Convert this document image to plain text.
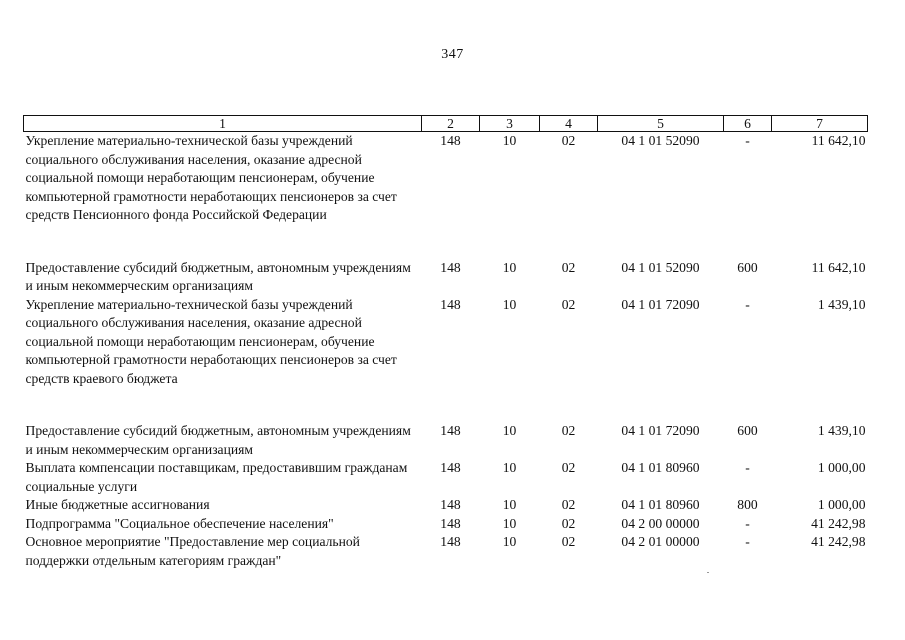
347
1	2	3	4	5	6	7
Укрепление материально-технической базы учреждений социального обслуживания населения, оказание адресной социальной помощи неработающим пенсионерам, обучение компьютерной грамотности неработающих пенсионеров за счет средств Пенсионного фонда Российской Федерации	148	10	02	04 1 01 52090	-	11 642,10
Предоставление субсидий бюджетным, автономным учреждениям и иным некоммерческим организациям	148	10	02	04 1 01 52090	600	11 642,10
Укрепление материально-технической базы учреждений социального обслуживания населения, оказание адресной социальной помощи неработающим пенсионерам, обучение компьютерной грамотности неработающих пенсионеров за счет средств краевого бюджета	148	10	02	04 1 01 72090	-	1 439,10
Предоставление субсидий бюджетным, автономным учреждениям и иным некоммерческим организациям	148	10	02	04 1 01 72090	600	1 439,10
Выплата компенсации поставщикам, предоставившим гражданам социальные услуги	148	10	02	04 1 01 80960	-	1 000,00
Иные бюджетные ассигнования	148	10	02	04 1 01 80960	800	1 000,00
Подпрограмма "Социальное обеспечение населения"	148	10	02	04 2 00 00000	-	41 242,98
Основное мероприятие "Предоставление мер социальной поддержки отдельным категориям граждан"	148	10	02	04 2 01 00000	-	41 242,98
